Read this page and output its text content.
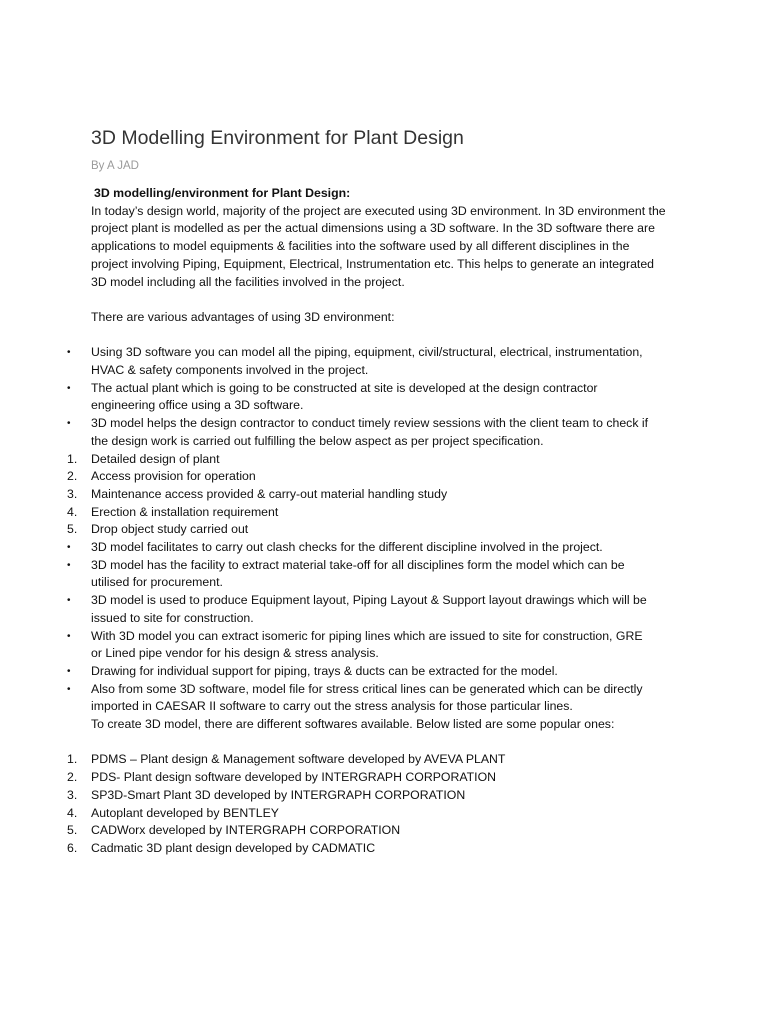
3D Modelling Environment for Plant Design
By A JAD

3D modelling/environment for Plant Design:

In today’s design world, majority of the project are executed using 3D environment. In 3D environment the
project plant is modelled as per the actual dimensions using a 3D software. In the 3D software there are
applications to model equipments & facilities into the software used by all different disciplines in the
project involving Piping, Equipment, Electrical, Instrumentation etc. This helps to generate an integrated
3D model including all the facilities involved in the project.

There are various advantages of using 3D environment:

•	Using 3D software you can model all the piping, equipment, civil/structural, electrical, instrumentation,
HVAC & safety components involved in the project.
•	The actual plant which is going to be constructed at site is developed at the design contractor
engineering office using a 3D software.
•	3D model helps the design contractor to conduct timely review sessions with the client team to check if
the design work is carried out fulfilling the below aspect as per project specification.
1.	Detailed design of plant
2.	Access provision for operation
3.	Maintenance access provided & carry-out material handling study
4.	Erection & installation requirement
5.	Drop object study carried out
•	3D model facilitates to carry out clash checks for the different discipline involved in the project.
•	3D model has the facility to extract material take-off for all disciplines form the model which can be
utilised for procurement.
•	3D model is used to produce Equipment layout, Piping Layout & Support layout drawings which will be
issued to site for construction.
•	With 3D model you can extract isomeric for piping lines which are issued to site for construction, GRE
or Lined pipe vendor for his design & stress analysis.
•	Drawing for individual support for piping, trays & ducts can be extracted for the model.
•	Also from some 3D software, model file for stress critical lines can be generated which can be directly
imported in CAESAR II software to carry out the stress analysis for those particular lines.
To create 3D model, there are different softwares available. Below listed are some popular ones:
1.	PDMS – Plant design & Management software developed by AVEVA PLANT
2.	PDS- Plant design software developed by INTERGRAPH CORPORATION
3.	SP3D-Smart Plant 3D developed by INTERGRAPH CORPORATION
4.	Autoplant developed by BENTLEY
5.	CADWorx developed by INTERGRAPH CORPORATION
6.	Cadmatic 3D plant design developed by CADMATIC
